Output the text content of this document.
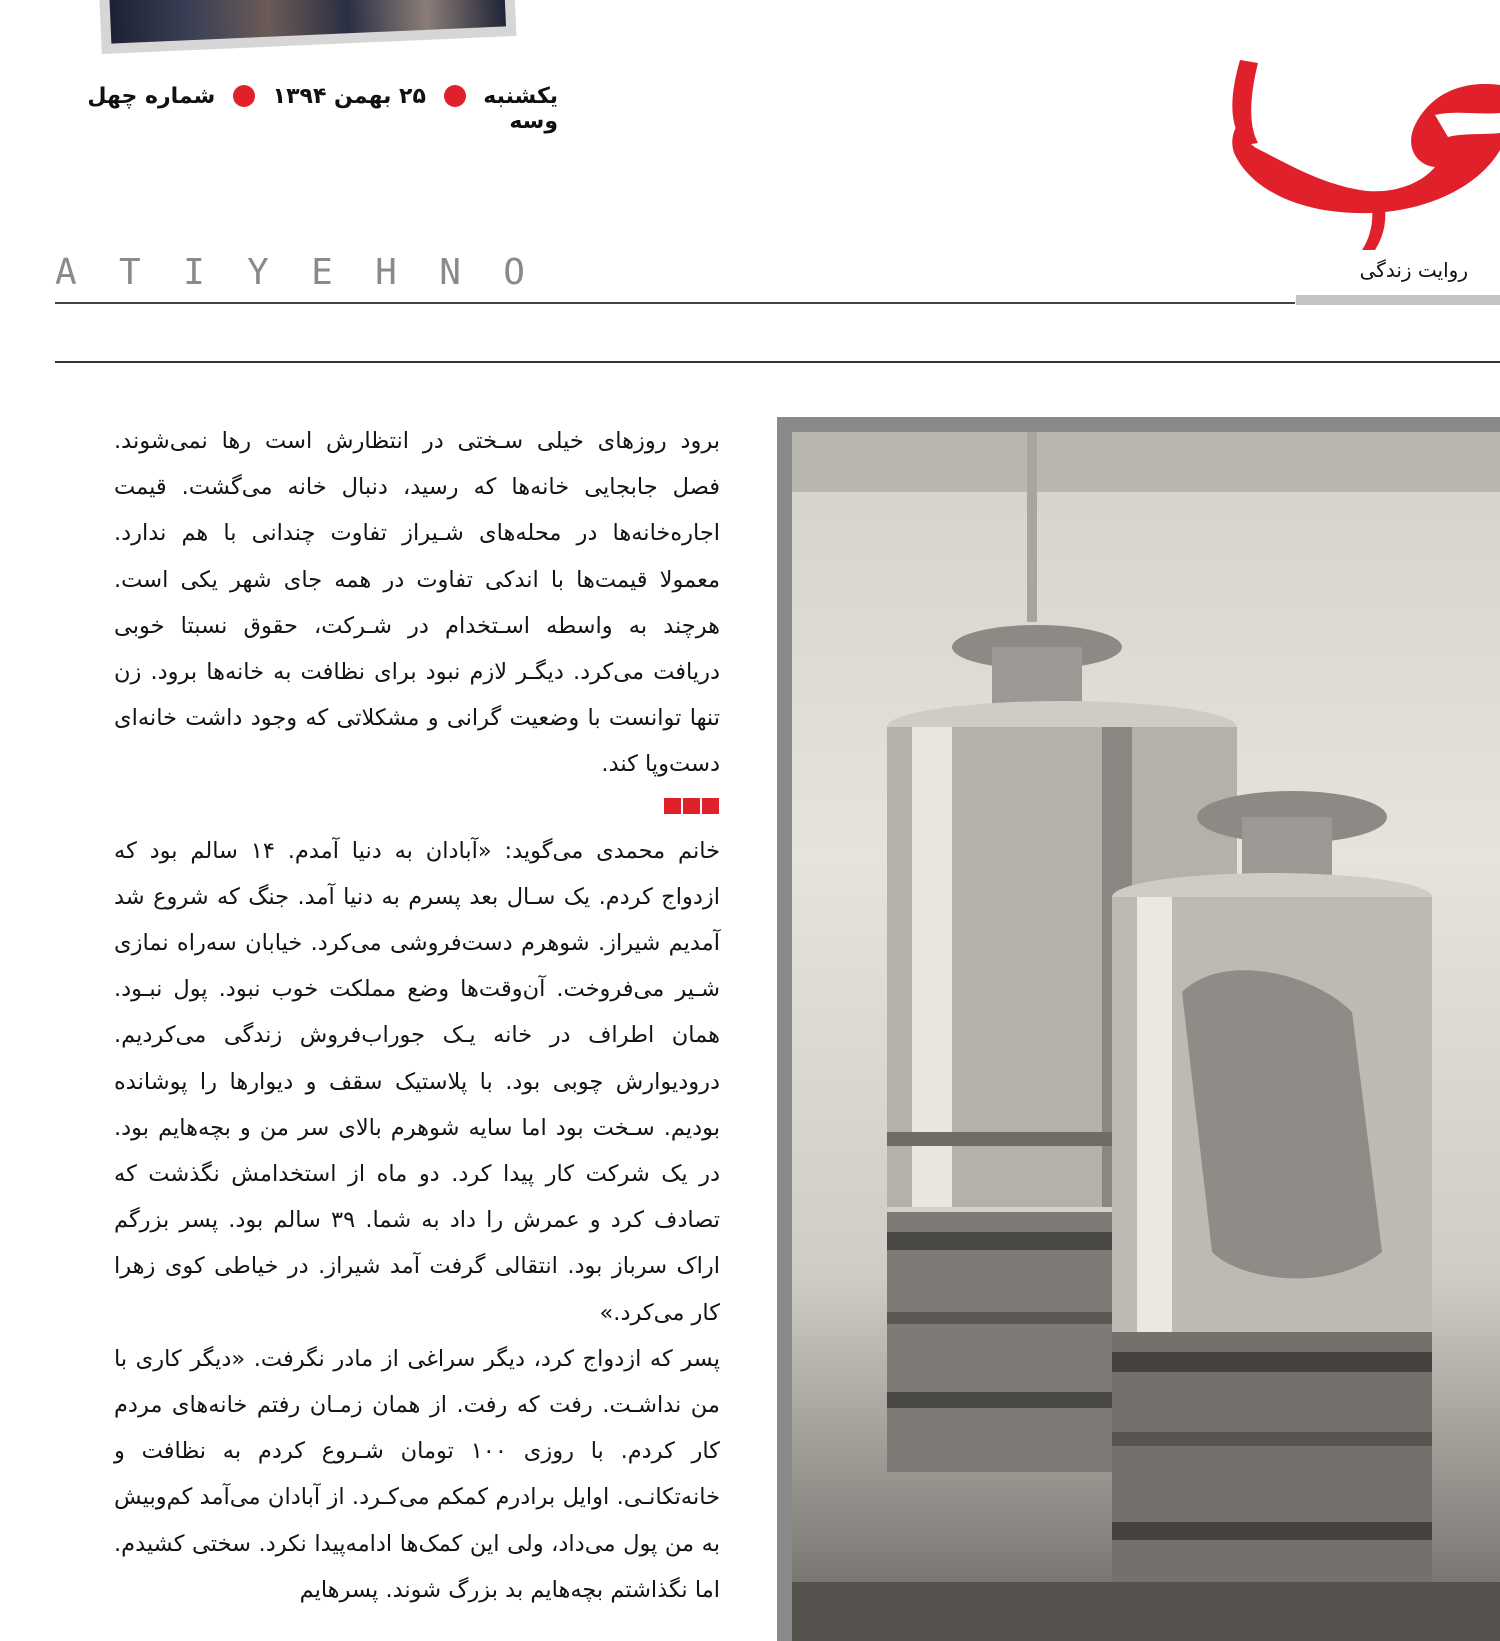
یکشنبه  ۲۵ بهمن ۱۳۹۴  شماره چهل وسه
روایت زندگی
A T I Y E H N O

برود روزهای خیلی سـختی در انتظارش است رها نمی‌شوند. فصل جابجایی خانه‌ها که رسید، دنبال خانه می‌گشت. قیمت اجاره‌خانه‌ها در محله‌های شـیراز تفاوت چندانی با هم ندارد. معمولا قیمت‌ها با اندکی تفاوت در همه جای شهر یکی است. هرچند به واسطه اسـتخدام در شـرکت، حقوق نسبتا خوبی دریافت می‌کرد. دیگـر لازم نبود برای نظافت به خانه‌ها برود. زن تنها توانست با وضعیت گرانی و مشکلاتی که وجود داشت خانه‌ای دست‌وپا کند.

خانم محمدی می‌گوید: «آبادان به دنیا آمدم. ۱۴ سالم بود که ازدواج کردم. یک سـال بعد پسرم به دنیا آمد. جنگ که شروع شد آمدیم شیراز. شوهرم دست‌فروشی می‌کرد. خیابان سه‌راه نمازی شـیر می‌فروخت. آن‌وقت‌ها وضع مملکت خوب نبود. پول نبـود. همان اطراف در خانه یـک جوراب‌فروش زندگی می‌کردیم. درودیوارش چوبی بود. با پلاستیک سقف و دیوارها را پوشانده بودیم. سـخت بود اما سایه شوهرم بالای سر من و بچه‌هایم بود. در یک شرکت کار پیدا کرد. دو ماه از استخدامش نگذشت که تصادف کرد و عمرش را داد به شما. ۳۹ سالم بود. پسر بزرگم اراک سرباز بود. انتقالی گرفت آمد شیراز. در خیاطی کوی زهرا کار می‌کرد.»

پسر که ازدواج کرد، دیگر سراغی از مادر نگرفت. «دیگر کاری با من نداشـت. رفت که رفت. از همان زمـان رفتم خانه‌های مردم کار کردم. با روزی ۱۰۰ تومان شـروع کردم به نظافت و خانه‌تکانـی. اوایل برادرم کمکم می‌کـرد. از آبادان می‌آمد کم‌وبیش به من پول می‌داد، ولی این کمک‌ها ادامه‌پیدا نکرد. سختی کشیدم. اما نگذاشتم بچه‌هایم بد بزرگ شوند. پسرهایم
